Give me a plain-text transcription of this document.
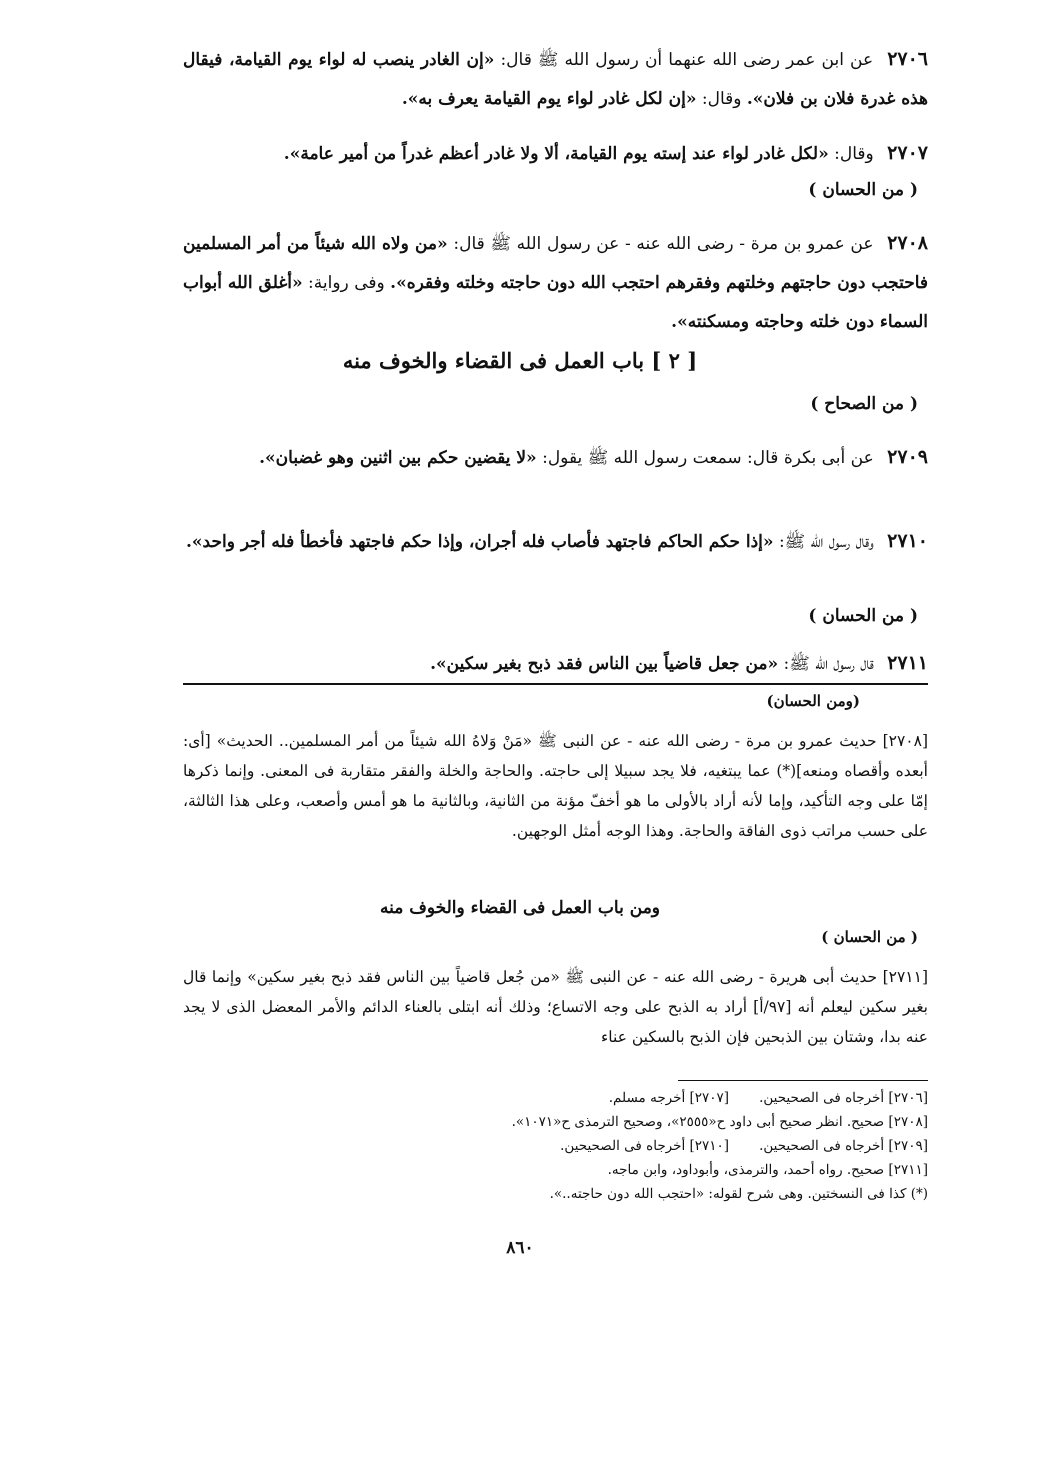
٢٧٠٦ عن ابن عمر رضى الله عنهما أن رسول الله ﷺ قال: «إن الغادر ينصب له لواء يوم القيامة، فيقال هذه غدرة فلان بن فلان». وقال: «إن لكل غادر لواء يوم القيامة يعرف به».
٢٧٠٧ وقال: «لكل غادر لواء عند إسته يوم القيامة، ألا ولا غادر أعظم غدراً من أمير عامة».
( من الحسان )
٢٧٠٨ عن عمرو بن مرة - رضى الله عنه - عن رسول الله ﷺ قال: «من ولاه الله شيئاً من أمر المسلمين فاحتجب دون حاجتهم وخلتهم وفقرهم احتجب الله دون حاجته وخلته وفقره». وفى رواية: «أغلق الله أبواب السماء دون خلته وحاجته ومسكنته».
[ ٢ ] باب العمل فى القضاء والخوف منه
( من الصحاح )
٢٧٠٩ عن أبى بكرة قال: سمعت رسول الله ﷺ يقول: «لا يقضين حكم بين اثنين وهو غضبان».
٢٧١٠ وقال رسول الله ﷺ: «إذا حكم الحاكم فاجتهد فأصاب فله أجران، وإذا حكم فاجتهد فأخطأ فله أجر واحد».
( من الحسان )
٢٧١١ قال رسول الله ﷺ: «من جعل قاضياً بين الناس فقد ذبح بغير سكين».
(ومن الحسان)
[٢٧٠٨] حديث عمرو بن مرة - رضى الله عنه - عن النبى ﷺ «مَنْ وَلاهُ الله شيئاً من أمر المسلمين.. الحديث» [أى: أبعده وأقصاه ومنعه](*) عما يبتغيه، فلا يجد سبيلا إلى حاجته. والحاجة والخلة والفقر متقاربة فى المعنى. وإنما ذكرها إمّا على وجه التأكيد، وإما لأنه أراد بالأولى ما هو أخفّ مؤنة من الثانية، وبالثانية ما هو أمس وأصعب، وعلى هذا الثالثة، على حسب مراتب ذوى الفاقة والحاجة. وهذا الوجه أمثل الوجهين.
ومن باب العمل فى القضاء والخوف منه
( من الحسان )
[٢٧١١] حديث أبى هريرة - رضى الله عنه - عن النبى ﷺ «من جُعل قاضياً بين الناس فقد ذبح بغير سكين» وإنما قال بغير سكين ليعلم أنه [٩٧/أ] أراد به الذبح على وجه الاتساع؛ وذلك أنه ابتلى بالعناء الدائم والأمر المعضل الذى لا يجد عنه بدا، وشتان بين الذبحين فإن الذبح بالسكين عناء
[٢٧٠٦] أخرجاه فى الصحيحين.[٢٧٠٧] أخرجه مسلم.
[٢٧٠٨] صحيح. انظر صحيح أبى داود ح«٢٥٥٥»، وصحيح الترمذى ح«١٠٧١».
[٢٧٠٩] أخرجاه فى الصحيحين.[٢٧١٠] أخرجاه فى الصحيحين.
[٢٧١١] صحيح. رواه أحمد، والترمذى، وأبوداود، وابن ماجه.
(*) كذا فى النسختين. وهى شرح لقوله: «احتجب الله دون حاجته..».
٨٦٠
